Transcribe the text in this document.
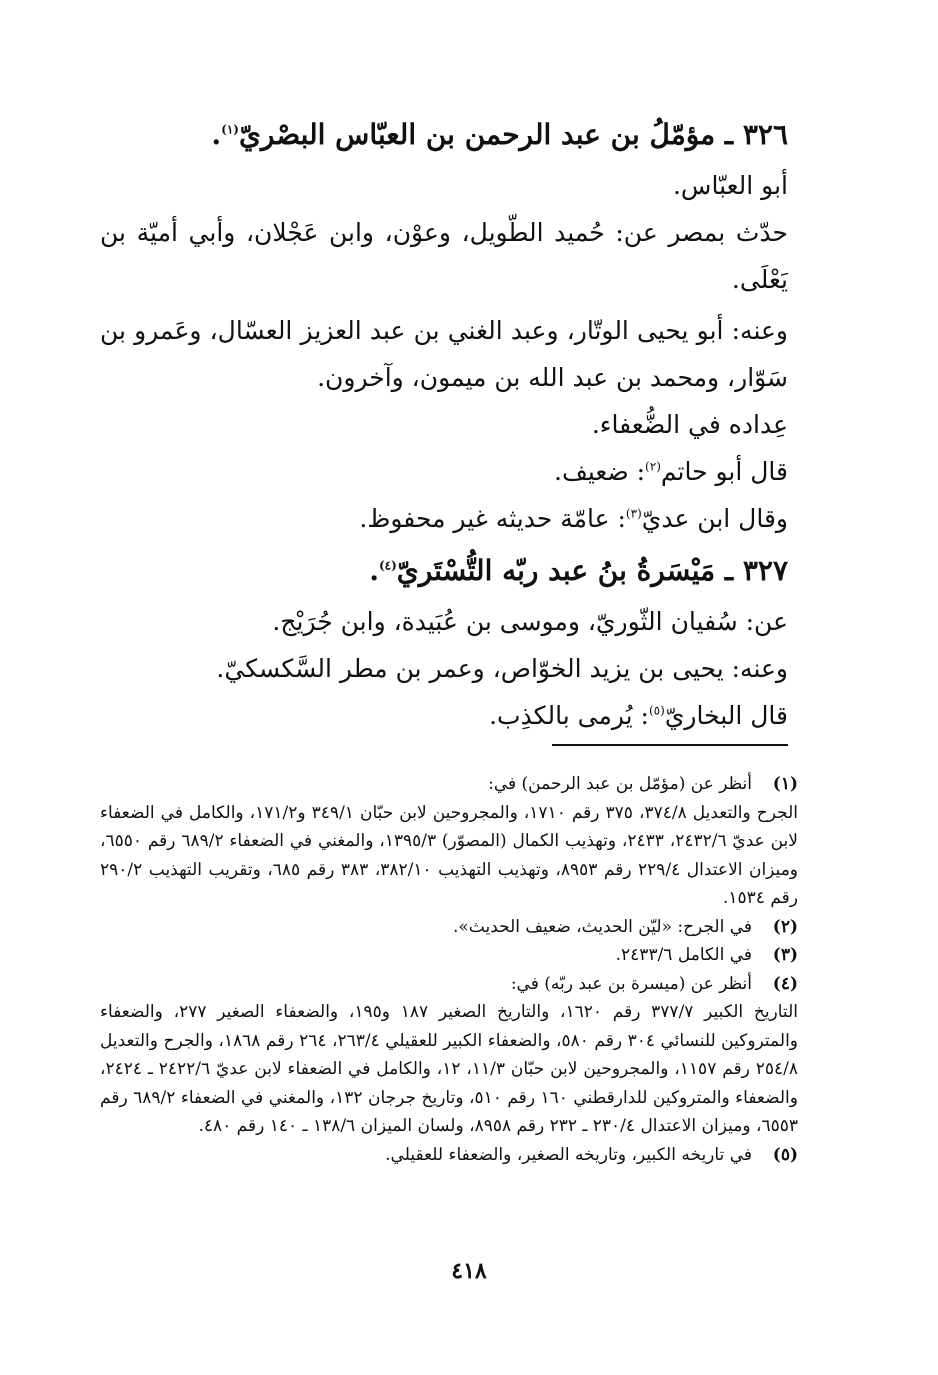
٣٢٦ ـ مؤمّلُ بن عبد الرحمن بن العبّاس البصْريّ$^{(١)}$.

أبو العبّاس.

حدّث بمصر عن: حُميد الطّويل، وعوْن، وابن عَجْلان، وأبي أميّة بن يَعْلَى.

وعنه: أبو يحيى الوتّار، وعبد الغني بن عبد العزيز العسّال، وعَمرو بن سَوّار، ومحمد بن عبد الله بن ميمون، وآخرون.

عِداده في الضُّعفاء.

قال أبو حاتم$^{(٢)}$: ضعيف.

وقال ابن عديّ$^{(٣)}$: عامّة حديثه غير محفوظ.

٣٢٧ ـ مَيْسَرةُ بنُ عبد ربّه التُّسْتَريّ$^{(٤)}$.

عن: سُفيان الثّوريّ، وموسى بن عُبَيدة، وابن جُرَيْج.

وعنه: يحيى بن يزيد الخوّاص، وعمر بن مطر السَّكسكيّ.

قال البخاريّ$^{(٥)}$: يُرمى بالكذِب.

(١)
أنظر عن (مؤمّل بن عبد الرحمن) في:

الجرح والتعديل ٣٧٤/٨، ٣٧٥ رقم ١٧١٠، والمجروحين لابن حبّان ٣٤٩/١ و١٧١/٢، والكامل في الضعفاء لابن عديّ ٢٤٣٢/٦، ٢٤٣٣، وتهذيب الكمال (المصوّر) ١٣٩٥/٣، والمغني في الضعفاء ٦٨٩/٢ رقم ٦٥٥٠، وميزان الاعتدال ٢٢٩/٤ رقم ٨٩٥٣، وتهذيب التهذيب ٣٨٢/١٠، ٣٨٣ رقم ٦٨٥، وتقريب التهذيب ٢٩٠/٢ رقم ١٥٣٤.

(٢)
في الجرح: «ليّن الحديث، ضعيف الحديث».

(٣)
في الكامل ٢٤٣٣/٦.

(٤)
أنظر عن (ميسرة بن عبد ربّه) في:

التاريخ الكبير ٣٧٧/٧ رقم ١٦٢٠، والتاريخ الصغير ١٨٧ و١٩٥، والضعفاء الصغير ٢٧٧، والضعفاء والمتروكين للنسائي ٣٠٤ رقم ٥٨٠، والضعفاء الكبير للعقيلي ٢٦٣/٤، ٢٦٤ رقم ١٨٦٨، والجرح والتعديل ٢٥٤/٨ رقم ١١٥٧، والمجروحين لابن حبّان ١١/٣، ١٢، والكامل في الضعفاء لابن عديّ ٢٤٢٢/٦ ـ ٢٤٢٤، والضعفاء والمتروكين للدارقطني ١٦٠ رقم ٥١٠، وتاريخ جرجان ١٣٢، والمغني في الضعفاء ٦٨٩/٢ رقم ٦٥٥٣، وميزان الاعتدال ٢٣٠/٤ ـ ٢٣٢ رقم ٨٩٥٨، ولسان الميزان ١٣٨/٦ ـ ١٤٠ رقم ٤٨٠.

(٥)
في تاريخه الكبير، وتاريخه الصغير، والضعفاء للعقيلي.

٤١٨
